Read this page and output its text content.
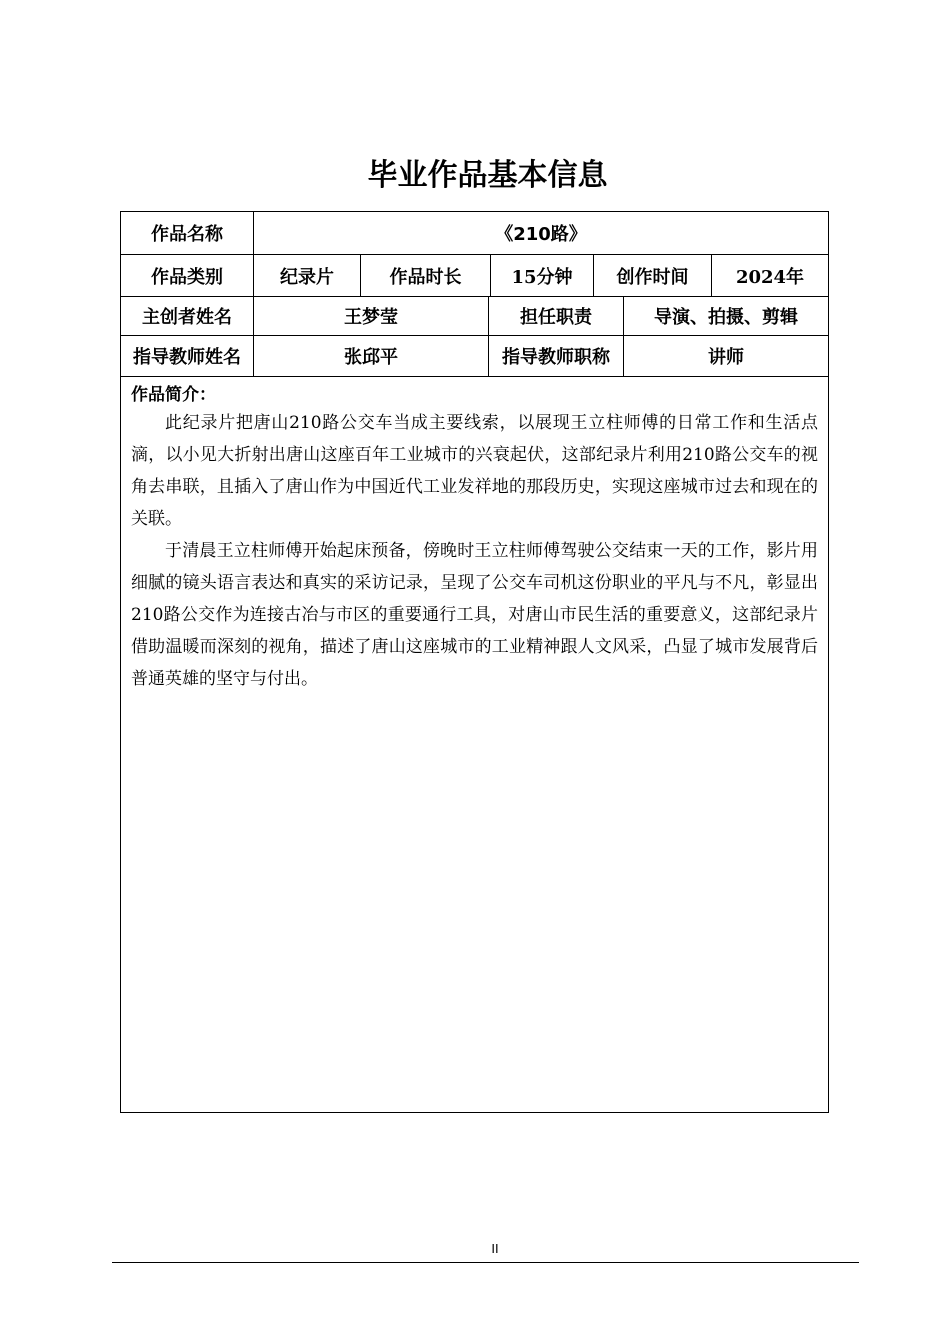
毕业作品基本信息
作品名称	《210路》
作品类别	纪录片	作品时长	15分钟	创作时间	2024年
主创者姓名	王梦莹	担任职责	导演、拍摄、剪辑
指导教师姓名	张邱平	指导教师职称	讲师
作品简介：

此纪录片把唐山210路公交车当成主要线索，以展现王立柱师傅的日常工作和生活点滴，以小见大折射出唐山这座百年工业城市的兴衰起伏，这部纪录片利用210路公交车的视角去串联，且插入了唐山作为中国近代工业发祥地的那段历史，实现这座城市过去和现在的关联。

于清晨王立柱师傅开始起床预备，傍晚时王立柱师傅驾驶公交结束一天的工作，影片用细腻的镜头语言表达和真实的采访记录，呈现了公交车司机这份职业的平凡与不凡，彰显出210路公交作为连接古冶与市区的重要通行工具，对唐山市民生活的重要意义，这部纪录片借助温暖而深刻的视角，描述了唐山这座城市的工业精神跟人文风采，凸显了城市发展背后普通英雄的坚守与付出。

II
